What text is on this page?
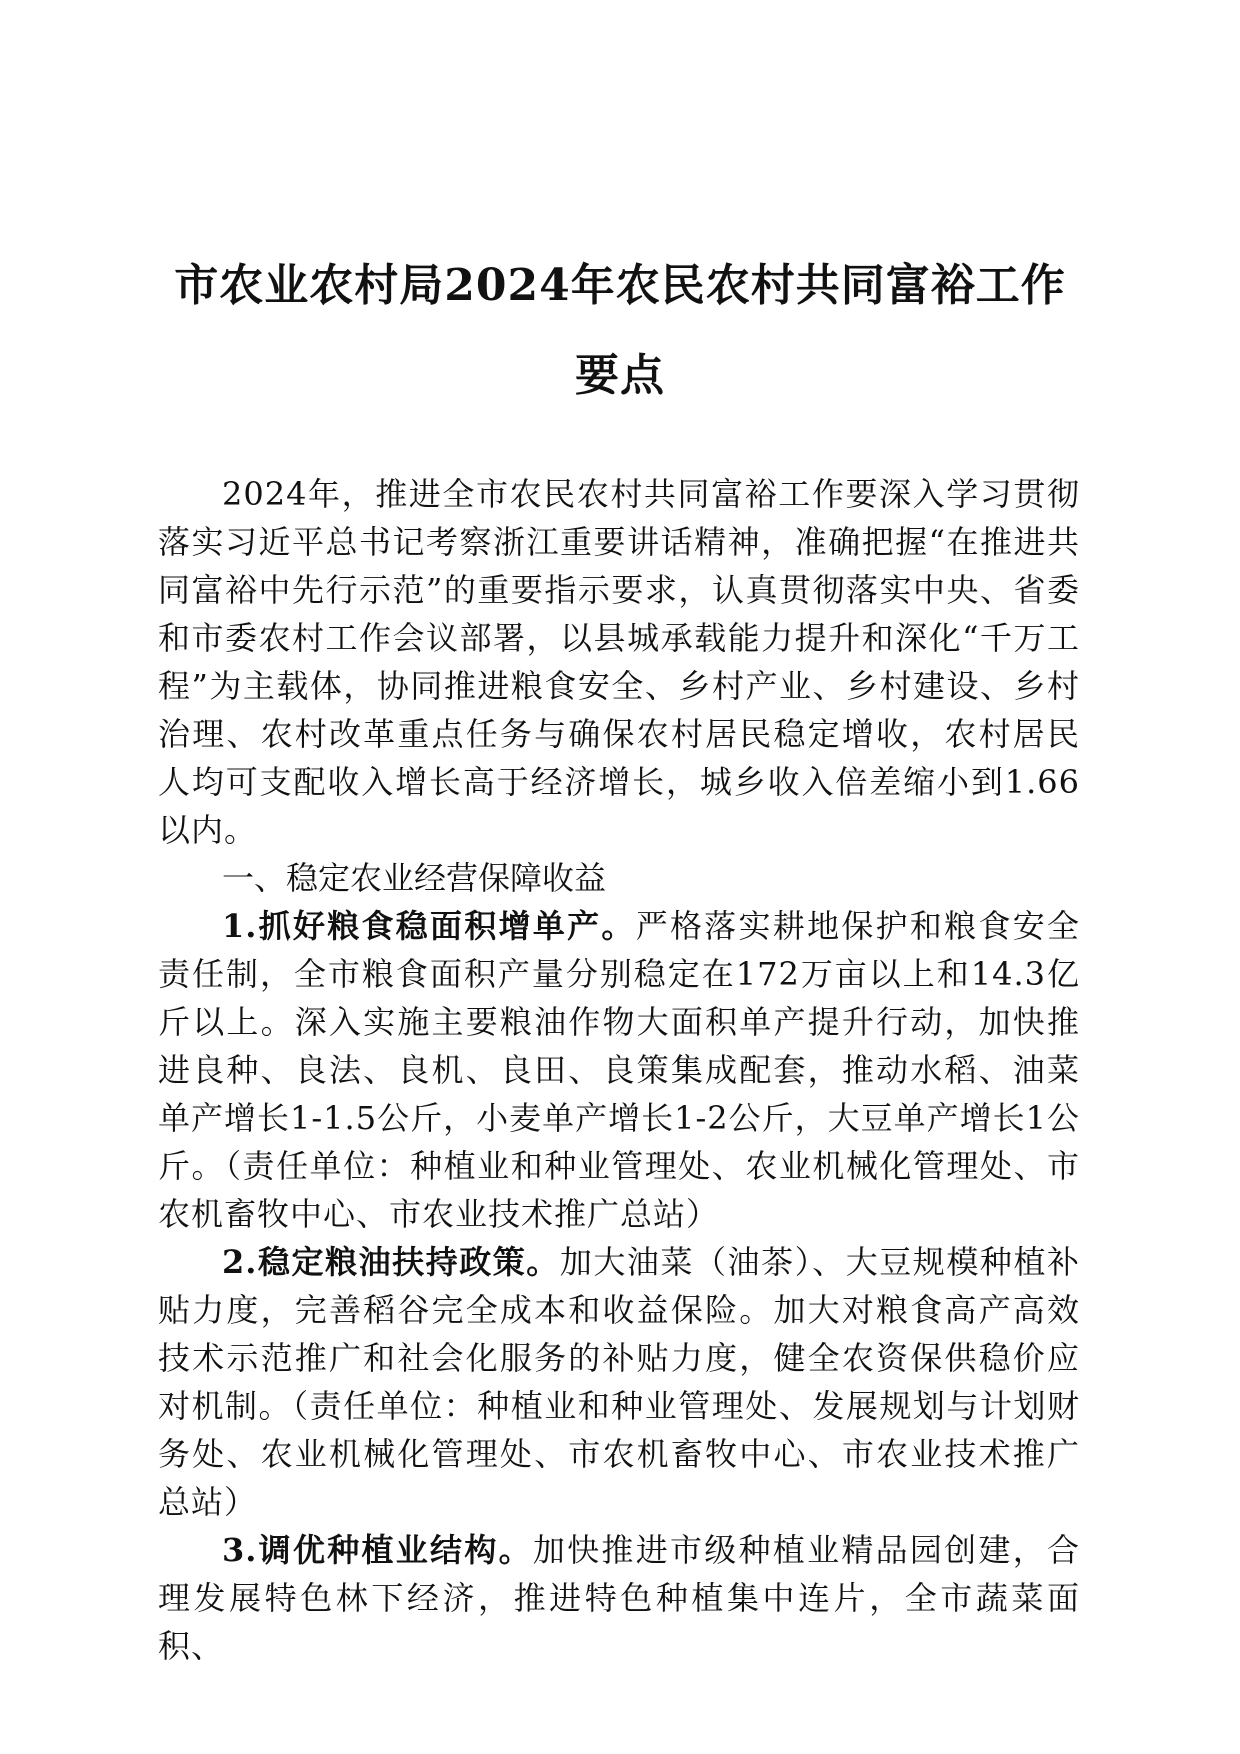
市农业农村局2024年农民农村共同富裕工作
要点

2024年，推进全市农民农村共同富裕工作要深入学习贯彻落实习近平总书记考察浙江重要讲话精神，准确把握“在推进共同富裕中先行示范”的重要指示要求，认真贯彻落实中央、省委和市委农村工作会议部署，以县城承载能力提升和深化“千万工程”为主载体，协同推进粮食安全、乡村产业、乡村建设、乡村治理、农村改革重点任务与确保农村居民稳定增收，农村居民人均可支配收入增长高于经济增长，城乡收入倍差缩小到1.66以内。

一、稳定农业经营保障收益

1.抓好粮食稳面积增单产。严格落实耕地保护和粮食安全责任制，全市粮食面积产量分别稳定在172万亩以上和14.3亿斤以上。深入实施主要粮油作物大面积单产提升行动，加快推进良种、良法、良机、良田、良策集成配套，推动水稻、油菜单产增长1-1.5公斤，小麦单产增长1-2公斤，大豆单产增长1公斤。（责任单位：种植业和种业管理处、农业机械化管理处、市农机畜牧中心、市农业技术推广总站）

2.稳定粮油扶持政策。加大油菜（油茶）、大豆规模种植补贴力度，完善稻谷完全成本和收益保险。加大对粮食高产高效技术示范推广和社会化服务的补贴力度，健全农资保供稳价应对机制。（责任单位：种植业和种业管理处、发展规划与计划财务处、农业机械化管理处、市农机畜牧中心、市农业技术推广总站）

3.调优种植业结构。加快推进市级种植业精品园创建，合理发展特色林下经济，推进特色种植集中连片，全市蔬菜面积、
